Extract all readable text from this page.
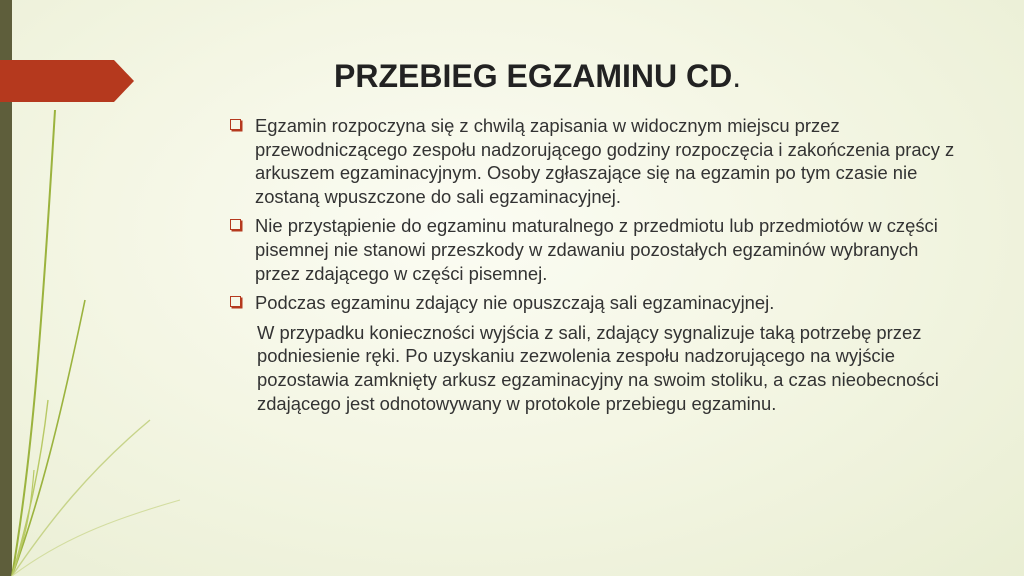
PRZEBIEG EGZAMINU CD.
Egzamin rozpoczyna się z chwilą zapisania w widocznym miejscu przez przewodniczącego zespołu nadzorującego godziny rozpoczęcia i zakończenia pracy z arkuszem egzaminacyjnym. Osoby zgłaszające się na egzamin po tym czasie nie zostaną wpuszczone do sali egzaminacyjnej.
Nie przystąpienie do egzaminu maturalnego z przedmiotu lub przedmiotów w części pisemnej nie stanowi przeszkody w zdawaniu pozostałych egzaminów wybranych przez zdającego w części pisemnej.
Podczas egzaminu zdający nie opuszczają sali egzaminacyjnej.
W przypadku konieczności wyjścia z sali, zdający sygnalizuje taką potrzebę przez podniesienie ręki. Po uzyskaniu zezwolenia zespołu nadzorującego na wyjście pozostawia zamknięty arkusz egzaminacyjny na swoim stoliku, a czas nieobecności zdającego jest odnotowywany w protokole przebiegu egzaminu.
